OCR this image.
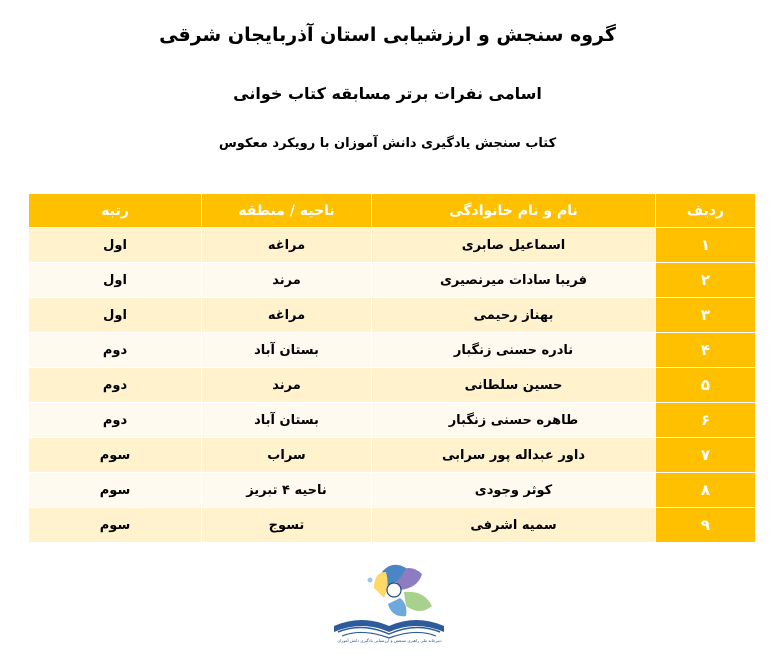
گروه سنجش و ارزشیابی استان آذربایجان شرقی
اسامی نفرات برتر مسابقه کتاب خوانی
کتاب سنجش یادگیری دانش آموزان با رویکرد معکوس
ردیف	نام و نام خانوادگی	ناحیه / منطقه	رتبه
۱	اسماعیل صابری	مراغه	اول
۲	فریبا سادات میرنصیری	مرند	اول
۳	بهناز رحیمی	مراغه	اول
۴	نادره حسنی زنگبار	بستان آباد	دوم
۵	حسین سلطانی	مرند	دوم
۶	طاهره حسنی زنگبار	بستان آباد	دوم
۷	داور عبداله پور سرابی	سراب	سوم
۸	کوثر وجودی	ناحیه ۴ تبریز	سوم
۹	سمیه اشرفی	تسوج	سوم
دبیرخانه ملی راهبری سنجش و ارزشیابی یادگیری دانش آموزان
